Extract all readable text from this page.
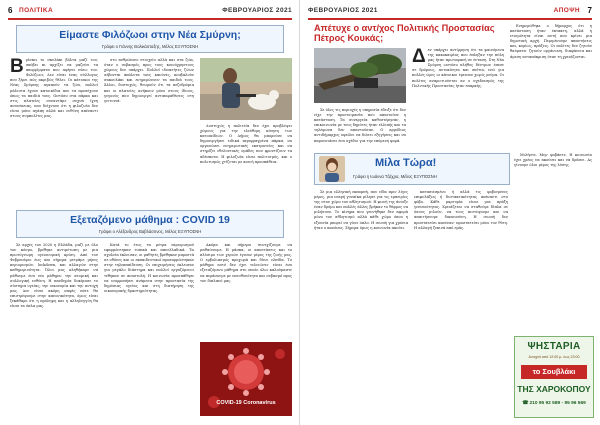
6 ΠΟΛΙΤΙΚΑ	ΦΕΒΡΟΥΑΡΙΟΣ 2021
Είμαστε Φιλόζωοι στην Νέα Σμύρνη;
Γράφει ο Γιάννης Βολικάσταξης, Μέλος ΕΞΥΠΟΣΝΗ
Β ρίσκει το σκυλάκι βόλτα μαζί του, σκύβει κι αρχίζει να μαζεύει τα απορρίμματα που αφήνει πίσω του. Φιλόζωοι; Δεν είναι ένας σύλλογος που ξέρει πώς ακριβώς θέλει. Οι κάτοικοι της Νέας Σμύρνης αγαπούν τα ζώα, πολλοί μάλιστα έχουν κατοικίδια που τα προσέχουν όπως τα παιδιά τους. Ωστόσο στα πάρκα και στις πλατείες συναντάμε συχνά ίχνη ασυνέπειας, που δείχνουν ότι η φιλοζωία δεν είναι μόνο αγάπη αλλά και ευθύνη απέναντι στους συμπολίτες μας.

στο ανθρώπινο στοιχείο αλλά και στα ζώα, όταν ο σεβασμός προς τους κοινόχρηστους χώρους δεν υπάρχει. Πολλοί ιδιοκτήτες ζώων σέβονται απόλυτα τους κανόνες, κουβαλούν σακουλάκι και ενημερώνουν τα παιδιά τους. Άλλοι, δυστυχώς, θεωρούν ότι τα πεζοδρόμια και οι πλατείες ανήκουν μόνο στους ίδιους, γεγονός που δημιουργεί αντιπαραθέσεις στη γειτονιά.

Δυστυχώς η πολιτεία δεν έχει προβλέψει χώρους για την ελεύθερη κίνηση των κατοικίδιων. Ο Δήμος θα μπορούσε να δημιουργήσει ειδικά περιφραγμένα πάρκα, να οργανώσει ενημερωτικές εκστρατείες και να στηρίξει εθελοντικές ομάδες που φροντίζουν τα αδέσποτα. Η φιλοζωία είναι πολιτισμός, και ο πολιτισμός χτίζεται με κοινή προσπάθεια.

Εξεταζόμενο μάθημα : COVID 19
Γράφει ο Αλέξανδρος Βαβλάστινος, Μέλος ΕΞΥΠΟΣΝΗ

Σε αρχές του 2020 η Ελλάδα, μαζί με όλο τον κόσμο, βρέθηκε αντιμέτωπη με μια πρωτόγνωρη υγειονομική κρίση. Από τον Φεβρουάριο έως και σήμερα μετράμε μήνες περιορισμών, lockdown, και αλλαγών στην καθημερινότητα. Όλοι μας κληθήκαμε να μάθουμε ένα νέο μάθημα: την ατομική και συλλογική ευθύνη. Η πανδημία δοκίμασε το σύστημα υγείας, την οικονομία και την αντοχή μας. Δεν είναι ακόμη σαφές πότε θα επιστρέψουμε στην κανονικότητα, όμως είναι ξεκάθαρο ότι η πρόληψη και η αλληλεγγύη θα είναι τα όπλα μας.

Κατά το έτος τα μέτρα περιορισμού εφαρμόστηκαν τοπικά και πανελλαδικά. Τα σχολεία έκλεισαν, οι μαθητές βρέθηκαν μπροστά σε οθόνες και οι εκπαιδευτικοί προσαρμόστηκαν στην τηλεκπαίδευση. Οι επιχειρήσεις έκλεισαν για μεγάλο διάστημα και πολλοί εργαζόμενοι τέθηκαν σε αναστολή. Η κοινωνία προσπάθησε να ισορροπήσει ανάμεσα στην προστασία της δημόσιας υγείας και στη διατήρηση της οικονομικής δραστηριότητας.

Ακόμα και σήμερα συνεχίζουμε να μαθαίνουμε. Η μάσκα, οι αποστάσεις και το πλύσιμο των χεριών έγιναν μέρος της ζωής μας. Ο εμβολιασμός προχωρά και δίνει ελπίδα. Το μάθημα αυτό δεν έχει τελειώσει· είναι ένα εξεταζόμενο μάθημα στο οποίο όλοι καλούμαστε να περάσουμε με υπευθυνότητα και σεβασμό προς τον διπλανό μας.

COVID-19 Coronavirus
ΦΕΒΡΟΥΑΡΙΟΣ 2021	ΑΠΟΨΗ 7
Απέτυχε ο αντ/χος Πολιτικής Προστασίας Πέτρος Κουκάς;
Δ εν υπάρχει αντίρρηση ότι τα φαινόμενα της κακοκαιρίας που έπληξαν την πόλη μας ήταν πρωτοφανή σε ένταση. Στη Νέα Σμύρνη ωστόσο πλήθος δέντρων έπεσε σε δρόμους, αυτοκίνητα και σπίτια, ενώ για πολλές ώρες οι κάτοικοι έμειναν χωρίς ρεύμα. Οι πολίτες αναρωτιούνται αν ο σχεδιασμός της Πολιτικής Προστασίας ήταν επαρκής.

Σε όλες τις περιοχές η υπηρεσία έδειξε ότι δεν είχε την προετοιμασία που απαιτούσε η κατάσταση. Τα συνεργεία καθυστέρησαν, η επικοινωνία με τους δημότες ήταν ελλιπής και τα τηλέφωνα δεν απαντούσαν. Ο αρμόδιος αντιδήμαρχος οφείλει να δώσει εξηγήσεις και να παρουσιάσει ένα σχέδιο για την επόμενη φορά.

Ενημερώθηκε ο δήμαρχος ότι η κατάσταση ήταν έκτακτη, αλλά η ετοιμότητα είναι αυτή που κρίνει μια δημοτική αρχή. Περιμένουμε απαντήσεις και, κυρίως, πράξεις. Οι πολίτες δεν ζητούν θαύματα· ζητούν οργάνωση, διαφάνεια και άμεση ανταπόκριση όταν τη χρειάζονται.

Μίλα Τώρα!
Γράφει η Ιωάννα Τζάχρα, Μέλος ΕΞΥΠΟΣΝΗ

Σε μια ελληνική εκπομπή, που είδα πριν λίγες μέρες, μια νεαρή γυναίκα μίλησε για τις εμπειρίες της στον χώρο του αθλητισμού. Η φωνή της άνοιξε έναν δρόμο και πολλές άλλες βρήκαν το θάρρος να μιλήσουν. Το κίνημα που γεννήθηκε δεν αφορά μόνο τον αθλητισμό αλλά κάθε χώρο όπου η εξουσία μπορεί να γίνει όπλο. Η σιωπή για χρόνια ήταν ο κανόνας. Σήμερα όμως η κοινωνία ακούει.

καταπιεσμένο ή αλλά τις φοβισμένες επιφυλάξεις ή διστακτικότητας απέναντι στο φόβο. Κάθε μαρτυρία είναι μια πράξη γενναιότητας. Χρειάζεται να σταθούμε δίπλα σε όσους μιλούν, να τους πιστέψουμε και να απαιτήσουμε δικαιοσύνη. Η σιωπή δεν προστατεύει κανέναν· προστατεύει μόνο τον θύτη. Η αλλαγή ξεκινά από εμάς.

Μιλήστε. Μην φοβάστε. Η κοινωνία έχει χρέος να ακούσει και να δράσει. Ας γίνουμε όλοι μέρος της λύσης.

ΨΗΣΤΑΡΙΑ
Ανοιχτά από 12:00 μ. έως 23:00
το Σουβλάκι
ΤΗΣ ΧΑΡΟΚΟΠΟΥ
☎ 210 95 92 589 - 95 96 569
